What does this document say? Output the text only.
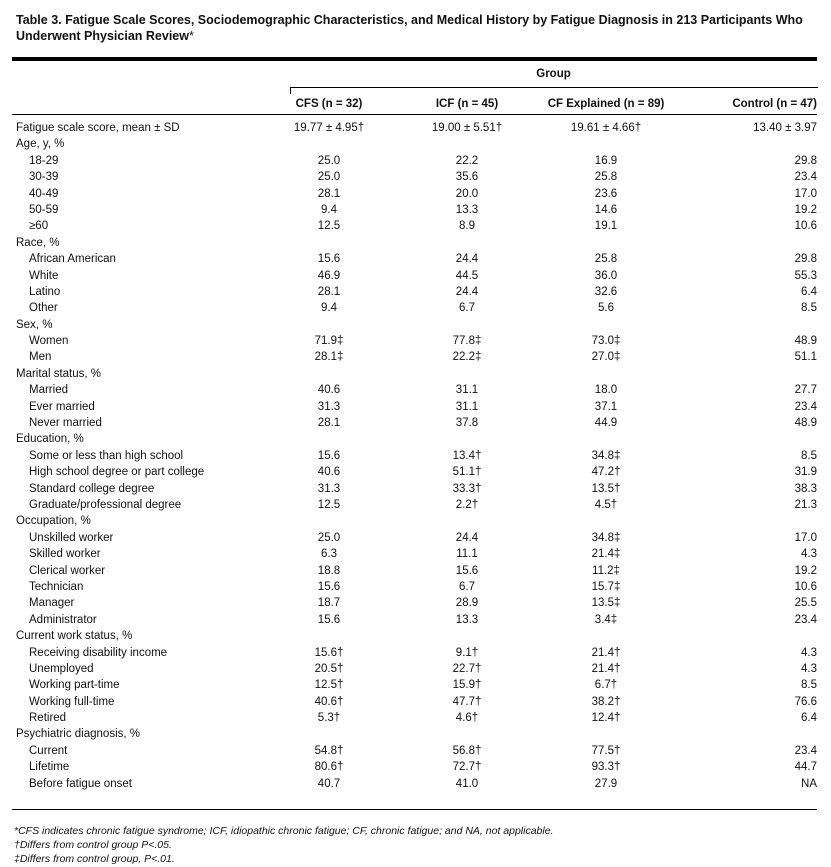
Table 3. Fatigue Scale Scores, Sociodemographic Characteristics, and Medical History by Fatigue Diagnosis in 213 Participants Who Underwent Physician Review*
Group
CFS (n = 32)	ICF (n = 45)	CF Explained (n = 89)	Control (n = 47)
Fatigue scale score, mean ± SD	19.77 ± 4.95†	19.00 ± 5.51†	19.61 ± 4.66†	13.40 ± 3.97
Age, y, %
18-29	25.0	22.2	16.9	29.8
30-39	25.0	35.6	25.8	23.4
40-49	28.1	20.0	23.6	17.0
50-59	9.4	13.3	14.6	19.2
≥60	12.5	8.9	19.1	10.6
Race, %
African American	15.6	24.4	25.8	29.8
White	46.9	44.5	36.0	55.3
Latino	28.1	24.4	32.6	6.4
Other	9.4	6.7	5.6	8.5
Sex, %
Women	71.9‡	77.8‡	73.0‡	48.9
Men	28.1‡	22.2‡	27.0‡	51.1
Marital status, %
Married	40.6	31.1	18.0	27.7
Ever married	31.3	31.1	37.1	23.4
Never married	28.1	37.8	44.9	48.9
Education, %
Some or less than high school	15.6	13.4†	34.8‡	8.5
High school degree or part college	40.6	51.1†	47.2†	31.9
Standard college degree	31.3	33.3†	13.5†	38.3
Graduate/professional degree	12.5	2.2†	4.5†	21.3
Occupation, %
Unskilled worker	25.0	24.4	34.8‡	17.0
Skilled worker	6.3	11.1	21.4‡	4.3
Clerical worker	18.8	15.6	11.2‡	19.2
Technician	15.6	6.7	15.7‡	10.6
Manager	18.7	28.9	13.5‡	25.5
Administrator	15.6	13.3	3.4‡	23.4
Current work status, %
Receiving disability income	15.6†	9.1†	21.4†	4.3
Unemployed	20.5†	22.7†	21.4†	4.3
Working part-time	12.5†	15.9†	6.7†	8.5
Working full-time	40.6†	47.7†	38.2†	76.6
Retired	5.3†	4.6†	12.4†	6.4
Psychiatric diagnosis, %
Current	54.8†	56.8†	77.5†	23.4
Lifetime	80.6†	72.7†	93.3†	44.7
Before fatigue onset	40.7	41.0	27.9	NA
*CFS indicates chronic fatigue syndrome; ICF, idiopathic chronic fatigue; CF, chronic fatigue; and NA, not applicable.
†Differs from control group P<.05.
‡Differs from control group, P<.01.
